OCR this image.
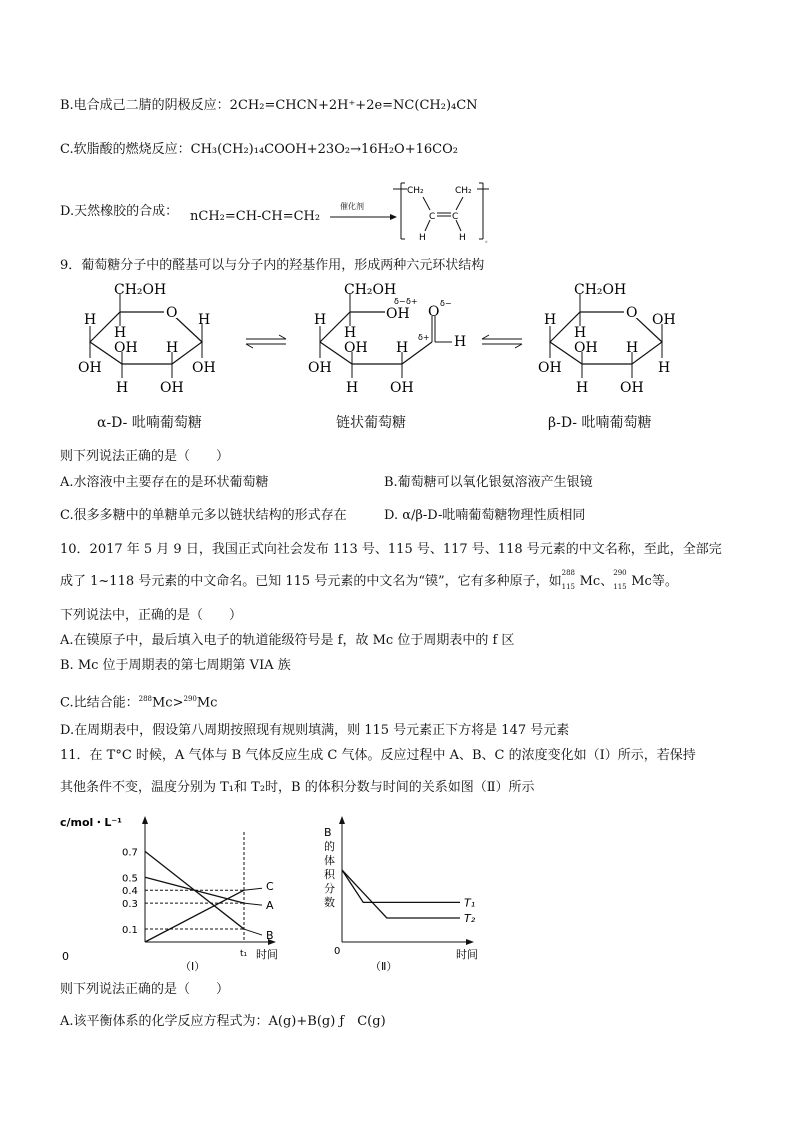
B.电合成己二腈的阴极反应：2CH₂=CHCN+2H⁺+2e=NC(CH₂)₄CN
C.软脂酸的燃烧反应：CH₃(CH₂)₁₄COOH+23O₂→16H₂O+16CO₂
D.天然橡胶的合成： nCH₂=CH-CH=CH₂
催化剂
CH₂	CH₂
C C
H	H	。
9．葡萄糖分子中的醛基可以与分子内的羟基作用，形成两种六元环状结构
O
CH₂OH
H
H
OH
H
OH
OH
H
H
OH
α-D- 吡喃葡萄糖
CH₂OH
OH
δ− δ+
O
δ−
δ+ H
H
H
H
H
OH
OH
OH
链状葡萄糖
O
CH₂OH
H
OH
H
H
OH
OH
H
H
OH
β-D- 吡喃葡萄糖
则下列说法正确的是（　　）
A.水溶液中主要存在的是环状葡萄糖	B.葡萄糖可以氧化银氨溶液产生银镜
C.很多多糖中的单糖单元多以链状结构的形式存在	D. α/β-D-吡喃葡萄糖物理性质相同
10．2017 年 5 月 9 日，我国正式向社会发布 113 号、115 号、117 号、118 号元素的中文名称，至此，全部完
成了 1~118 号元素的中文命名。已知 115 号元素的中文名为“镆”，它有多种原子，如
288
115 Mc、
290
115 Mc等。
下列说法中，正确的是（　　）
A.在镆原子中，最后填入电子的轨道能级符号是 f，故 Mc 位于周期表中的 f 区
B. Mc 位于周期表的第七周期第 VIA 族
C.比结合能：$^{288}$Mc>$^{290}$Mc
D.在周期表中，假设第八周期按照现有规则填满，则 115 号元素正下方将是 147 号元素
11．在 T°C 时候，A 气体与 B 气体反应生成 C 气体。反应过程中 A、B、C 的浓度变化如（I）所示，若保持
其他条件不变，温度分别为 T₁和 T₂时，B 的体积分数与时间的关系如图（Ⅱ）所示
c/mol・L⁻¹
0.7
0.5
0.4
0.3
0.1
C
A
B
0	t₁ 时间
（Ⅰ）
B 的体积分数	T₁
T₂
0	时间
（Ⅱ）
则下列说法正确的是（　　）
A.该平衡体系的化学反应方程式为：A(g)+B(g) ƒ　C(g)
